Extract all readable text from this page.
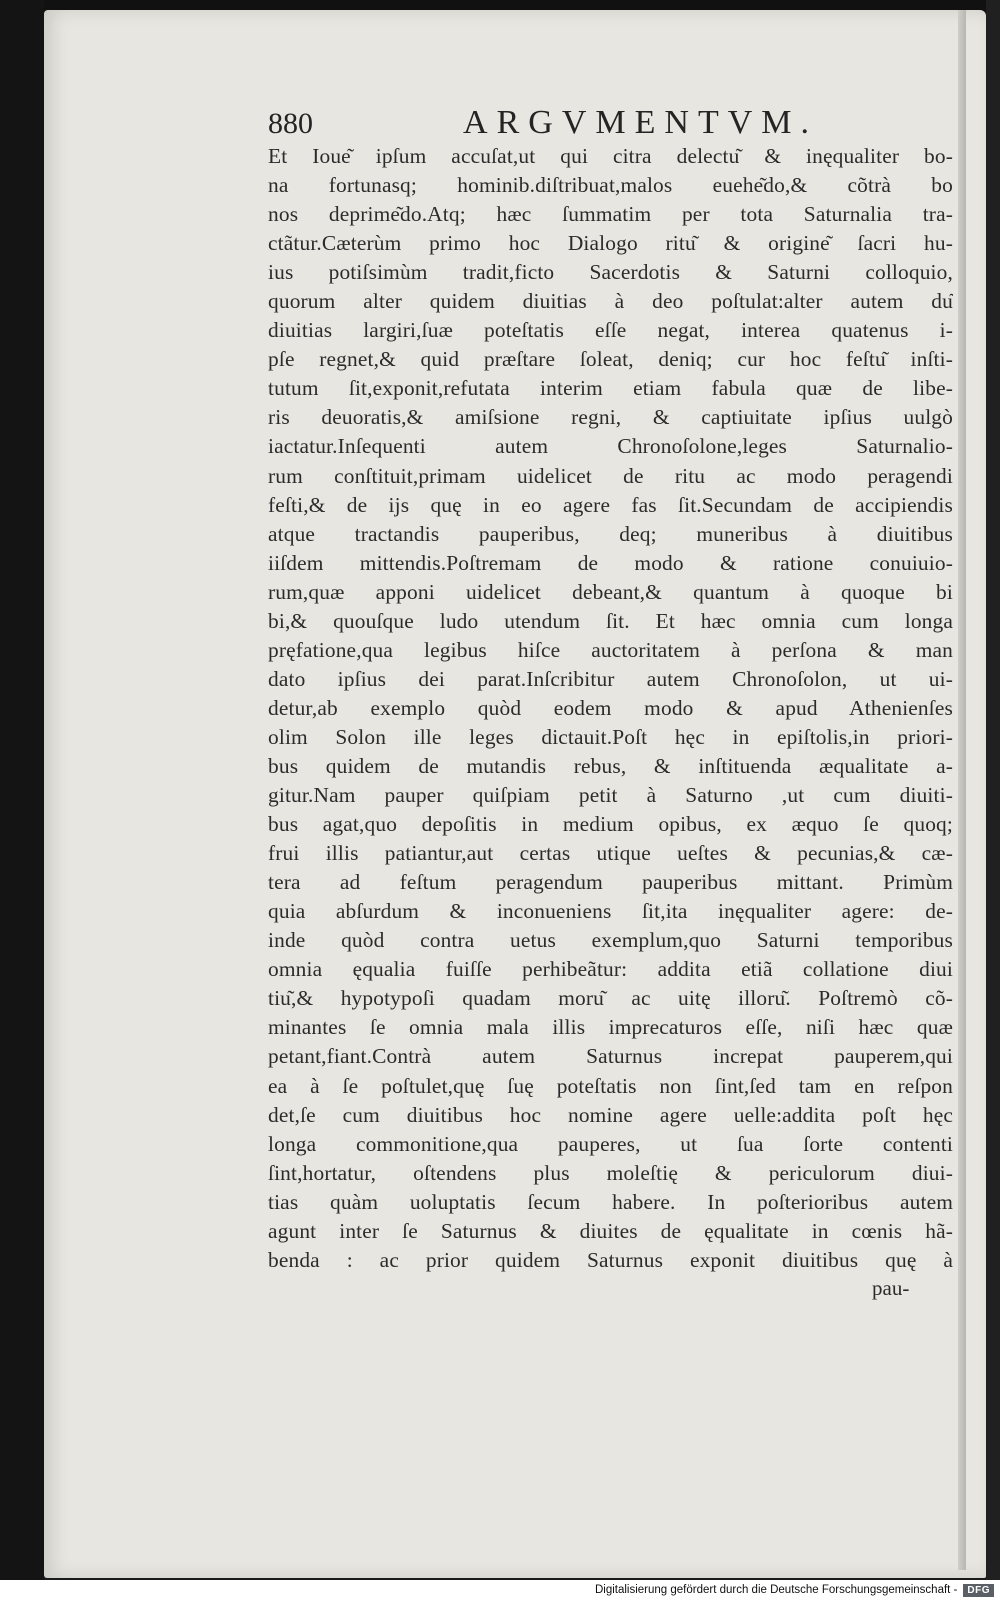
880	ARGVMENTVM.
Et Ioue͂ ipſum accuſat,ut qui citra delectu͂ & inęqualiter bo-
na fortunasq; hominib.diſtribuat,malos euehe͂do,& cõtrà bo
nos deprime͂do.Atq; hæc ſummatim per tota Saturnalia tra-
ctãtur.Cæterùm primo hoc Dialogo ritu͂ & origine͂ ſacri hu-
ius potiſsimùm tradit,ficto Sacerdotis & Saturni colloquio,
quorum alter quidem diuitias à deo poſtulat:alter autem du͂
diuitias largiri,ſuæ poteſtatis eſſe negat, interea quatenus i-
pſe regnet,& quid præſtare ſoleat, deniq; cur hoc feſtu͂ inſti-
tutum ſit,exponit,refutata interim etiam fabula quæ de libe-
ris deuoratis,& amiſsione regni, & captiuitate ipſius uulgò
iactatur.Inſequenti autem Chronoſolone,leges Saturnalio-
rum conſtituit,primam uidelicet de ritu ac modo peragendi
feſti,& de ijs quę in eo agere fas ſit.Secundam de accipiendis
atque tractandis pauperibus, deq; muneribus à diuitibus
iiſdem mittendis.Poſtremam de modo & ratione conuiuio-
rum,quæ apponi uidelicet debeant,& quantum à quoque bi
bi,& quouſque ludo utendum ſit. Et hæc omnia cum longa
pręfatione,qua legibus hiſce auctoritatem à perſona & man
dato ipſius dei parat.Inſcribitur autem Chronoſolon, ut ui-
detur,ab exemplo quòd eodem modo & apud Athenienſes
olim Solon ille leges dictauit.Poſt hęc in epiſtolis,in priori-
bus quidem de mutandis rebus, & inſtituenda æqualitate a-
gitur.Nam pauper quiſpiam petit à Saturno ,ut cum diuiti-
bus agat,quo depoſitis in medium opibus, ex æquo ſe quoq;
frui illis patiantur,aut certas utique ueſtes & pecunias,& cæ-
tera ad feſtum peragendum pauperibus mittant. Primùm
quia abſurdum & inconueniens ſit,ita inęqualiter agere: de-
inde quòd contra uetus exemplum,quo Saturni temporibus
omnia ęqualia fuiſſe perhibeãtur: addita etiã collatione diui
tiu͂,& hypotypoſi quadam moru͂ ac uitę illoru͂. Poſtremò cõ-
minantes ſe omnia mala illis imprecaturos eſſe, niſi hæc quæ
petant,fiant.Contrà autem Saturnus increpat pauperem,qui
ea à ſe poſtulet,quę ſuę poteſtatis non ſint,ſed tam en reſpon
det,ſe cum diuitibus hoc nomine agere uelle:addita poſt hęc
longa commonitione,qua pauperes, ut ſua ſorte contenti
ſint,hortatur, oſtendens plus moleſtię & periculorum diui-
tias quàm uoluptatis ſecum habere. In poſterioribus autem
agunt inter ſe Saturnus & diuites de ęqualitate in cœnis hã-
benda : ac prior quidem Saturnus exponit diuitibus quę à
pau-
Digitalisierung gefördert durch die Deutsche Forschungsgemeinschaft -	DFG
